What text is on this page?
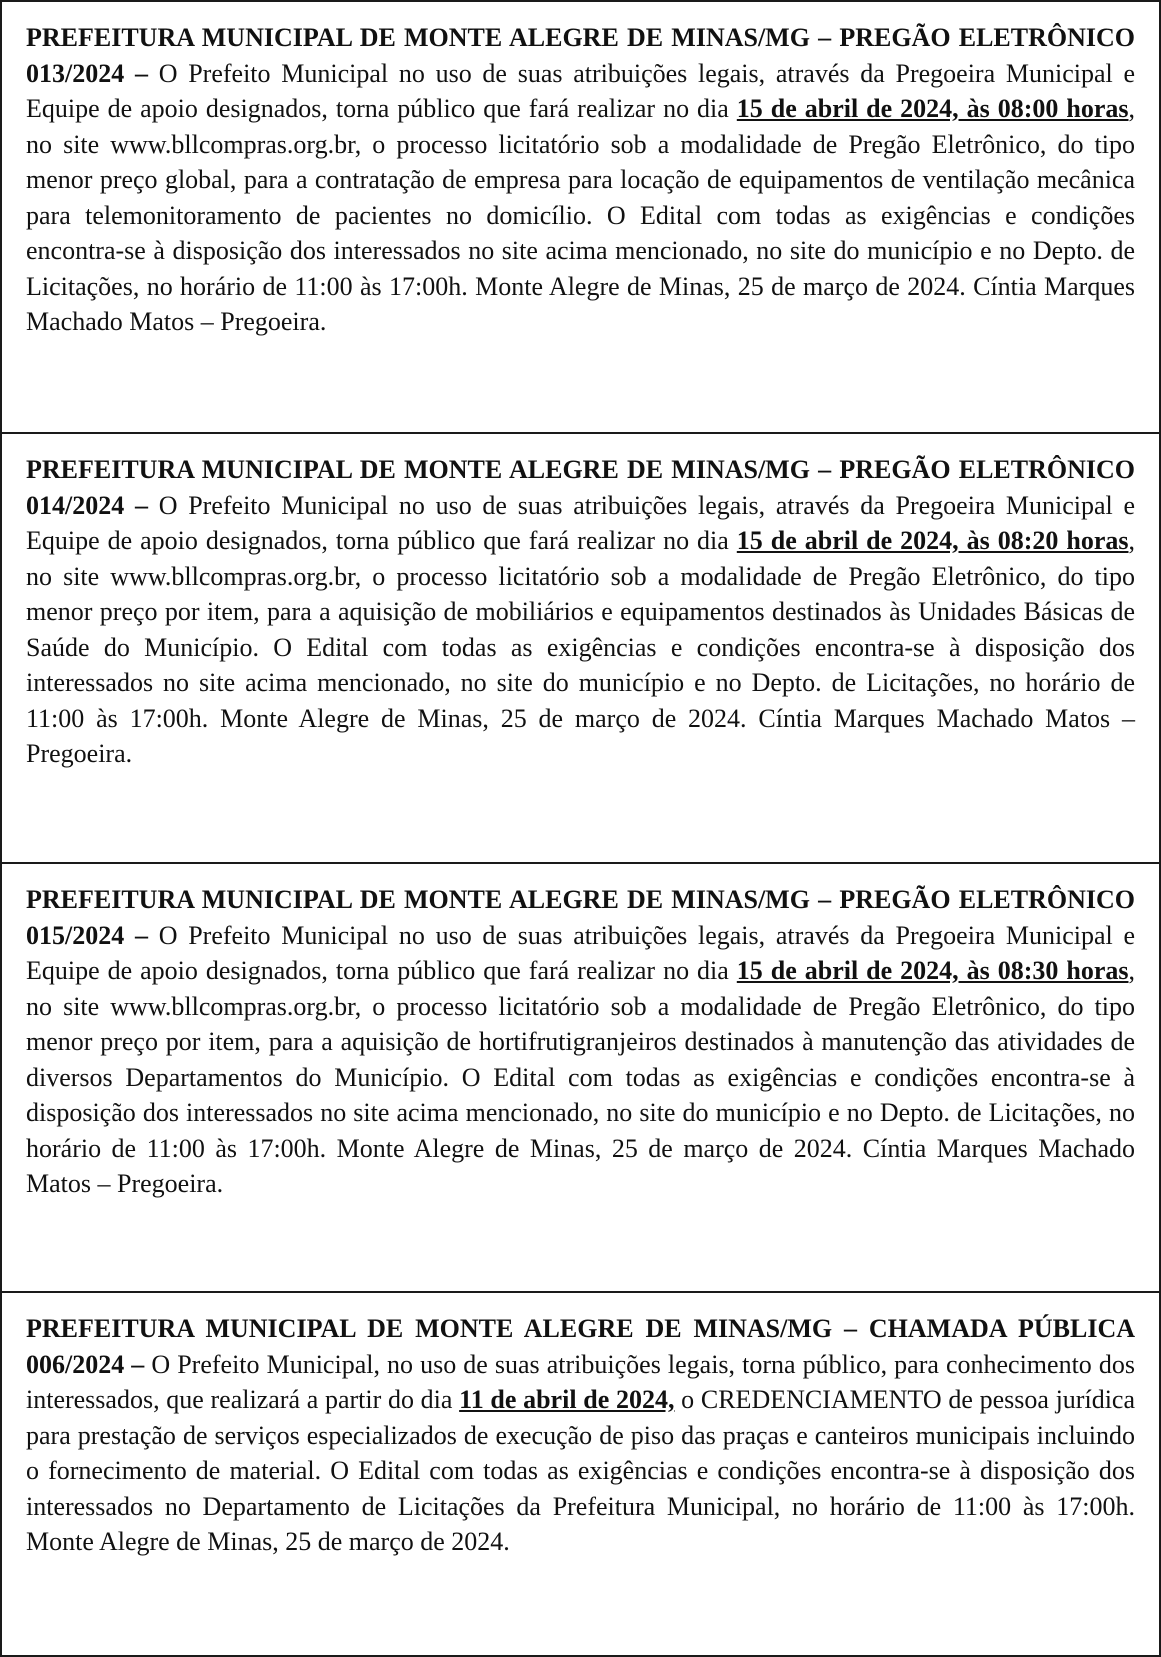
PREFEITURA MUNICIPAL DE MONTE ALEGRE DE MINAS/MG – PREGÃO ELETRÔNICO 013/2024 – O Prefeito Municipal no uso de suas atribuições legais, através da Pregoeira Municipal e Equipe de apoio designados, torna público que fará realizar no dia 15 de abril de 2024, às 08:00 horas, no site www.bllcompras.org.br, o processo licitatório sob a modalidade de Pregão Eletrônico, do tipo menor preço global, para a contratação de empresa para locação de equipamentos de ventilação mecânica para telemonitoramento de pacientes no domicílio. O Edital com todas as exigências e condições encontra-se à disposição dos interessados no site acima mencionado, no site do município e no Depto. de Licitações, no horário de 11:00 às 17:00h. Monte Alegre de Minas, 25 de março de 2024. Cíntia Marques Machado Matos – Pregoeira.
PREFEITURA MUNICIPAL DE MONTE ALEGRE DE MINAS/MG – PREGÃO ELETRÔNICO 014/2024 – O Prefeito Municipal no uso de suas atribuições legais, através da Pregoeira Municipal e Equipe de apoio designados, torna público que fará realizar no dia 15 de abril de 2024, às 08:20 horas, no site www.bllcompras.org.br, o processo licitatório sob a modalidade de Pregão Eletrônico, do tipo menor preço por item, para a aquisição de mobiliários e equipamentos destinados às Unidades Básicas de Saúde do Município. O Edital com todas as exigências e condições encontra-se à disposição dos interessados no site acima mencionado, no site do município e no Depto. de Licitações, no horário de 11:00 às 17:00h. Monte Alegre de Minas, 25 de março de 2024. Cíntia Marques Machado Matos – Pregoeira.
PREFEITURA MUNICIPAL DE MONTE ALEGRE DE MINAS/MG – PREGÃO ELETRÔNICO 015/2024 – O Prefeito Municipal no uso de suas atribuições legais, através da Pregoeira Municipal e Equipe de apoio designados, torna público que fará realizar no dia 15 de abril de 2024, às 08:30 horas, no site www.bllcompras.org.br, o processo licitatório sob a modalidade de Pregão Eletrônico, do tipo menor preço por item, para a aquisição de hortifrutigranjeiros destinados à manutenção das atividades de diversos Departamentos do Município. O Edital com todas as exigências e condições encontra-se à disposição dos interessados no site acima mencionado, no site do município e no Depto. de Licitações, no horário de 11:00 às 17:00h. Monte Alegre de Minas, 25 de março de 2024. Cíntia Marques Machado Matos – Pregoeira.
PREFEITURA MUNICIPAL DE MONTE ALEGRE DE MINAS/MG – CHAMADA PÚBLICA 006/2024 – O Prefeito Municipal, no uso de suas atribuições legais, torna público, para conhecimento dos interessados, que realizará a partir do dia 11 de abril de 2024, o CREDENCIAMENTO de pessoa jurídica para prestação de serviços especializados de execução de piso das praças e canteiros municipais incluindo o fornecimento de material. O Edital com todas as exigências e condições encontra-se à disposição dos interessados no Departamento de Licitações da Prefeitura Municipal, no horário de 11:00 às 17:00h. Monte Alegre de Minas, 25 de março de 2024.
